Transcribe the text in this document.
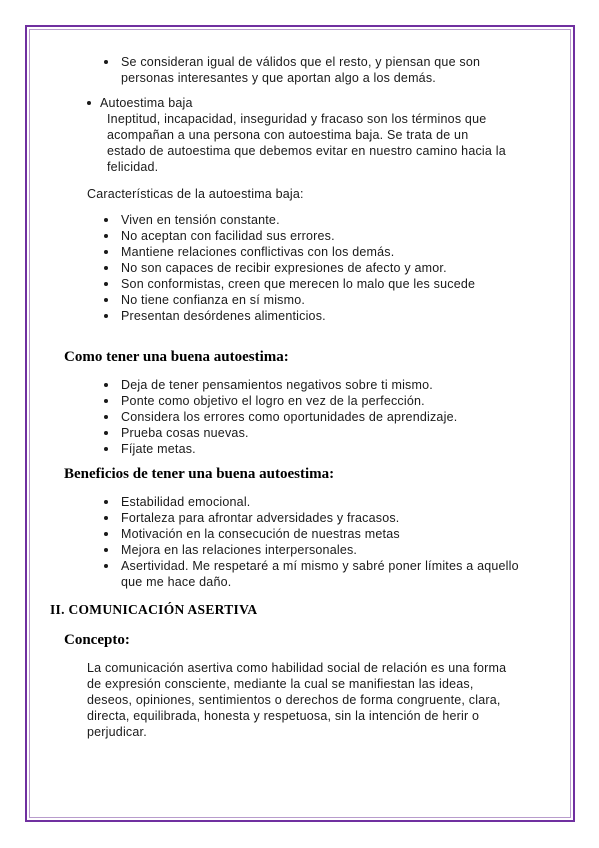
Se consideran igual de válidos que el resto, y piensan que son personas interesantes y que aportan algo a los demás.
Autoestima baja
Ineptitud, incapacidad, inseguridad y fracaso son los términos que acompañan a una persona con autoestima baja. Se trata de un estado de autoestima que debemos evitar en nuestro camino hacia la felicidad.
Características de la autoestima baja:
Viven en tensión constante.
No aceptan con facilidad sus errores.
Mantiene relaciones conflictivas con los demás.
No son capaces de recibir expresiones de afecto y amor.
Son conformistas, creen que merecen lo malo que les sucede
No tiene confianza en sí mismo.
Presentan desórdenes alimenticios.
Como tener una buena autoestima:
Deja de tener pensamientos negativos sobre ti mismo.
Ponte como objetivo el logro en vez de la perfección.
Considera los errores como oportunidades de aprendizaje.
Prueba cosas nuevas.
Fíjate metas.
Beneficios de tener una buena autoestima:
Estabilidad emocional.
Fortaleza para afrontar adversidades y fracasos.
Motivación en la consecución de nuestras metas
Mejora en las relaciones interpersonales.
Asertividad. Me respetaré a mí mismo y sabré poner límites a aquello que me hace daño.
II. COMUNICACIÓN ASERTIVA
Concepto:
La comunicación asertiva como habilidad social de relación es una forma de expresión consciente, mediante la cual se manifiestan las ideas, deseos, opiniones, sentimientos o derechos de forma congruente, clara, directa, equilibrada, honesta y respetuosa, sin la intención de herir o perjudicar.
